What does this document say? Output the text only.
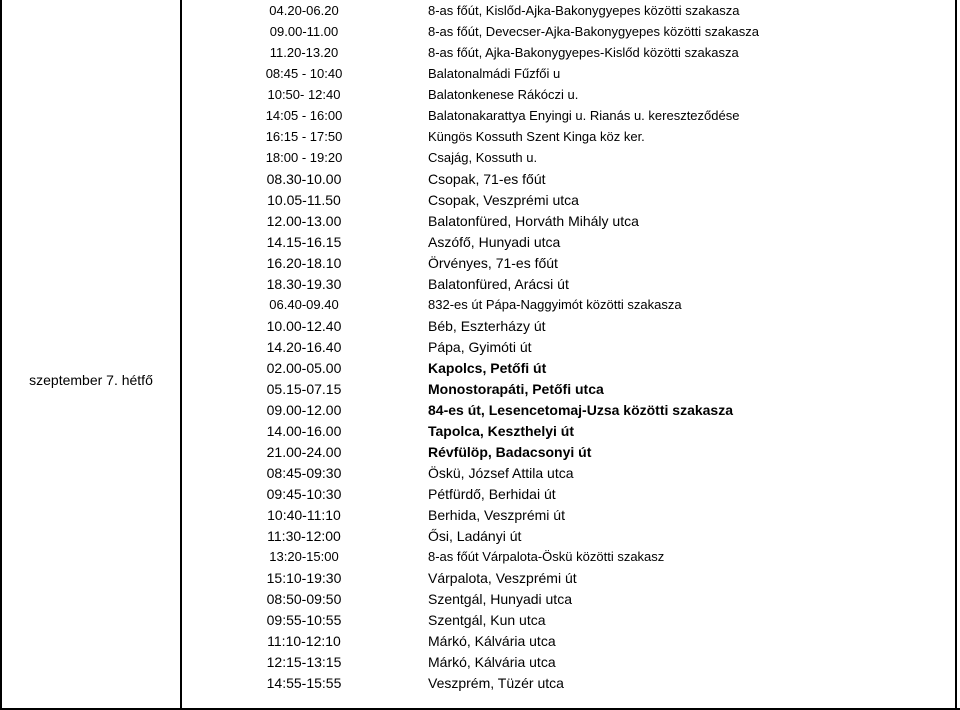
szeptember 7. hétfő
04.20-06.20	8-as főút, Kislőd-Ajka-Bakonygyepes közötti szakasza
09.00-11.00	8-as főút, Devecser-Ajka-Bakonygyepes közötti szakasza
11.20-13.20	8-as főút, Ajka-Bakonygyepes-Kislőd közötti szakasza
08:45 - 10:40	Balatonalmádi Fűzfői u
10:50- 12:40	Balatonkenese Rákóczi u.
14:05 - 16:00	Balatonakarattya Enyingi u. Rianás u. kereszteződése
16:15 - 17:50	Küngös Kossuth Szent Kinga köz ker.
18:00 - 19:20	Csajág, Kossuth u.
08.30-10.00	Csopak, 71-es főút
10.05-11.50	Csopak, Veszprémi utca
12.00-13.00	Balatonfüred, Horváth Mihály utca
14.15-16.15	Aszófő, Hunyadi utca
16.20-18.10	Örvényes, 71-es főút
18.30-19.30	Balatonfüred, Arácsi út
06.40-09.40	832-es út Pápa-Naggyimót közötti szakasza
10.00-12.40	Béb, Eszterházy út
14.20-16.40	Pápa, Gyimóti út
02.00-05.00	Kapolcs, Petőfi út
05.15-07.15	Monostorapáti, Petőfi utca
09.00-12.00	84-es út, Lesencetomaj-Uzsa közötti szakasza
14.00-16.00	Tapolca, Keszthelyi út
21.00-24.00	Révfülöp, Badacsonyi út
08:45-09:30	Öskü, József Attila utca
09:45-10:30	Pétfürdő, Berhidai út
10:40-11:10	Berhida, Veszprémi út
11:30-12:00	Ősi, Ladányi út
13:20-15:00	8-as főút Várpalota-Öskü közötti szakasz
15:10-19:30	Várpalota, Veszprémi út
08:50-09:50	Szentgál, Hunyadi utca
09:55-10:55	Szentgál, Kun utca
11:10-12:10	Márkó, Kálvária utca
12:15-13:15	Márkó, Kálvária utca
14:55-15:55	Veszprém, Tüzér utca
